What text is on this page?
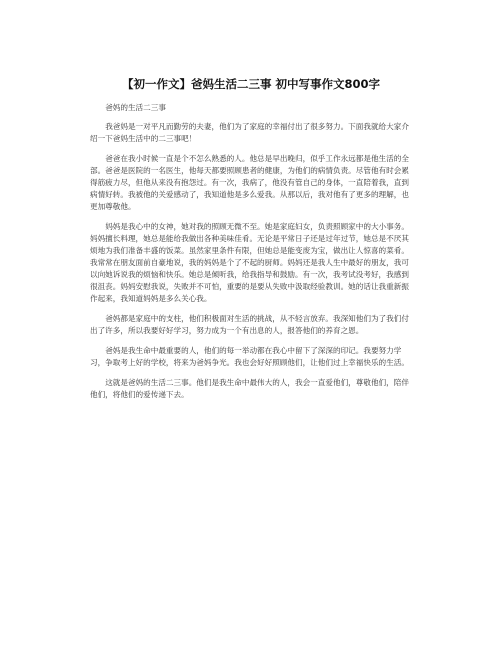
【初一作文】爸妈生活二三事 初中写事作文800字

爸妈的生活二三事

我爸妈是一对平凡而勤劳的夫妻，他们为了家庭的幸福付出了很多努力。下面我就给大家介绍一下爸妈生活中的二三事吧！

爸爸在我小时候一直是个不怎么熟悉的人。他总是早出晚归，似乎工作永远都是他生活的全部。爸爸是医院的一名医生，他每天都要照顾患者的健康，为他们的病情负责。尽管他有时会累得筋疲力尽，但他从来没有抱怨过。有一次，我病了，他没有管自己的身体，一直陪着我，直到病情好转。我被他的关爱感动了，我知道他是多么爱我。从那以后，我对他有了更多的理解，也更加尊敬他。

妈妈是我心中的女神，她对我的照顾无微不至。她是家庭妇女，负责照顾家中的大小事务。妈妈擅长料理，她总是能给我做出各种美味佳肴。无论是平常日子还是过年过节，她总是不厌其烦地为我们准备丰盛的饭菜。虽然家里条件有限，但她总是能变废为宝，做出让人惊喜的菜肴。我常常在朋友面前自豪地说，我的妈妈是个了不起的厨师。妈妈还是我人生中最好的朋友，我可以向她诉说我的烦恼和快乐。她总是倾听我，给我指导和鼓励。有一次，我考试没考好，我感到很沮丧。妈妈安慰我说，失败并不可怕，重要的是要从失败中汲取经验教训。她的话让我重新振作起来，我知道妈妈是多么关心我。

爸妈都是家庭中的支柱，他们积极面对生活的挑战，从不轻言放弃。我深知他们为了我们付出了许多，所以我要好好学习，努力成为一个有出息的人，报答他们的养育之恩。

爸妈是我生命中最重要的人，他们的每一举动都在我心中留下了深深的印记。我要努力学习，争取考上好的学校，将来为爸妈争光。我也会好好照顾他们，让他们过上幸福快乐的生活。

这就是爸妈的生活二三事。他们是我生命中最伟大的人，我会一直爱他们，尊敬他们，陪伴他们，将他们的爱传递下去。
